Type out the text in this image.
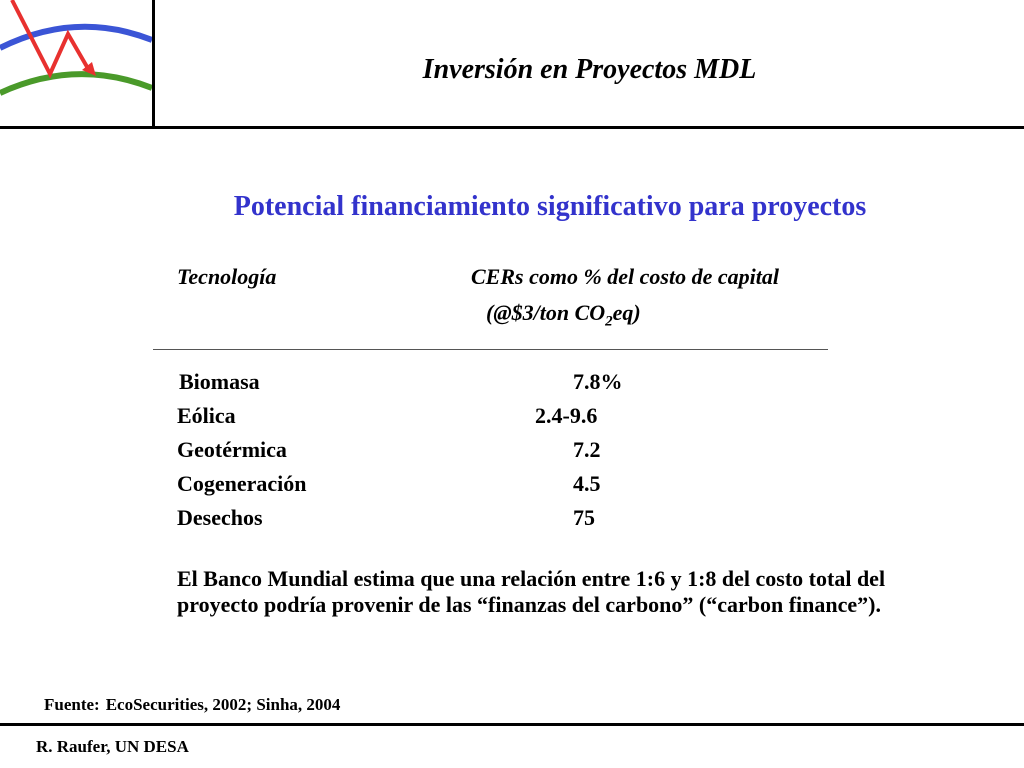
Inversión en Proyectos MDL
Potencial financiamiento significativo para proyectos
Tecnología	CERs como % del costo de capital
(@$3/ton $CO_2eq$)
Biomasa	7.8%
Eólica	2.4-9.6
Geotérmica	7.2
Cogeneración	4.5
Desechos	75

El Banco Mundial estima que una relación entre 1:6 y 1:8 del costo total del proyecto podría provenir de las “finanzas del carbono” (“carbon finance”).

Fuente: EcoSecurities, 2002; Sinha, 2004
R. Raufer, UN DESA
